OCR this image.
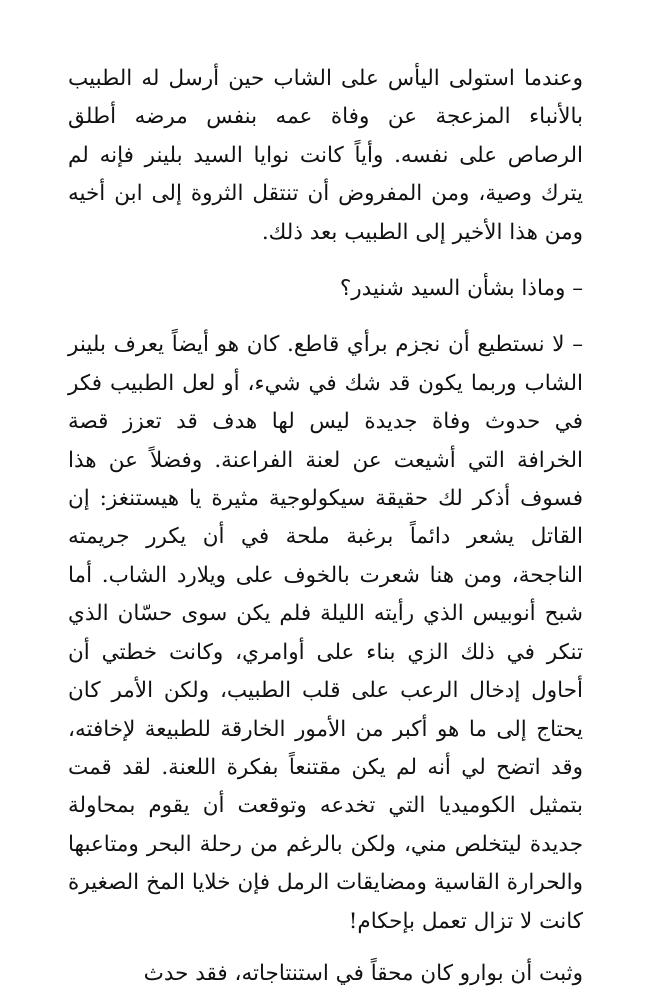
وعندما استولى اليأس على الشاب حين أرسل له الطبيب بالأنباء المزعجة عن وفاة عمه بنفس مرضه أطلق الرصاص على نفسه. وأياً كانت نوايا السيد بلينر فإنه لم يترك وصية، ومن المفروض أن تنتقل الثروة إلى ابن أخيه ومن هذا الأخير إلى الطبيب بعد ذلك.

– وماذا بشأن السيد شنيدر؟

– لا نستطيع أن نجزم برأي قاطع. كان هو أيضاً يعرف بلينر الشاب وربما يكون قد شك في شيء، أو لعل الطبيب فكر في حدوث وفاة جديدة ليس لها هدف قد تعزز قصة الخرافة التي أشيعت عن لعنة الفراعنة. وفضلاً عن هذا فسوف أذكر لك حقيقة سيكولوجية مثيرة يا هيستنغز: إن القاتل يشعر دائماً برغبة ملحة في أن يكرر جريمته الناجحة، ومن هنا شعرت بالخوف على ويلارد الشاب. أما شبح أنوبيس الذي رأيته الليلة فلم يكن سوى حسّان الذي تنكر في ذلك الزي بناء على أوامري، وكانت خطتي أن أحاول إدخال الرعب على قلب الطبيب، ولكن الأمر كان يحتاج إلى ما هو أكبر من الأمور الخارقة للطبيعة لإخافته، وقد اتضح لي أنه لم يكن مقتنعاً بفكرة اللعنة. لقد قمت بتمثيل الكوميديا التي تخدعه وتوقعت أن يقوم بمحاولة جديدة ليتخلص مني، ولكن بالرغم من رحلة البحر ومتاعبها والحرارة القاسية ومضايقات الرمل فإن خلايا المخ الصغيرة كانت لا تزال تعمل بإحكام!

وثبت أن بوارو كان محقاً في استنتاجاته، فقد حدث
